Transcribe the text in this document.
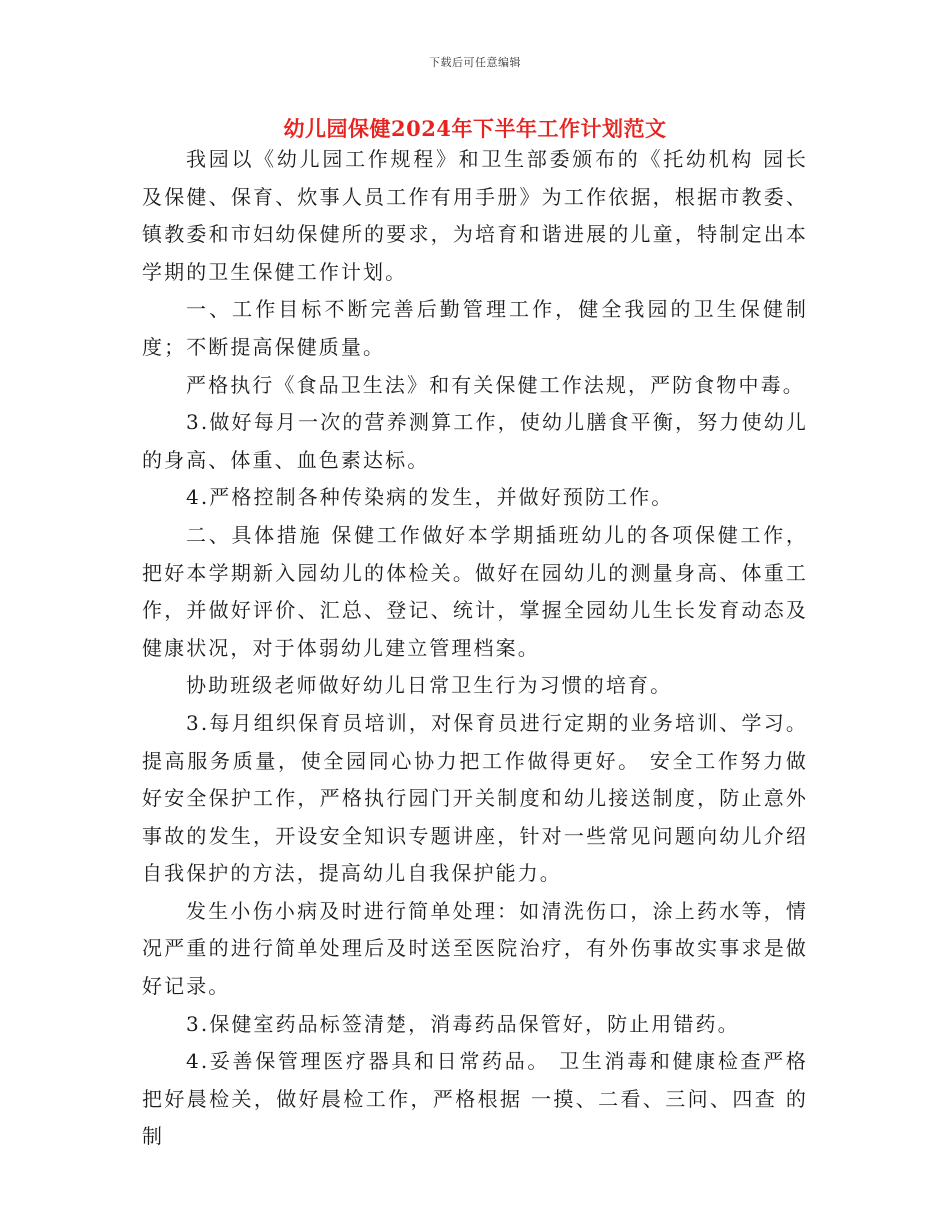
下载后可任意编辑
幼儿园保健2024年下半年工作计划范文

我园以《幼儿园工作规程》和卫生部委颁布的《托幼机构 园长及保健、保育、炊事人员工作有用手册》为工作依据，根据市教委、镇教委和市妇幼保健所的要求，为培育和谐进展的儿童，特制定出本学期的卫生保健工作计划。

一、工作目标不断完善后勤管理工作，健全我园的卫生保健制度；不断提高保健质量。

严格执行《食品卫生法》和有关保健工作法规，严防食物中毒。

3.做好每月一次的营养测算工作，使幼儿膳食平衡，努力使幼儿的身高、体重、血色素达标。

4.严格控制各种传染病的发生，并做好预防工作。

二、具体措施 保健工作做好本学期插班幼儿的各项保健工作，把好本学期新入园幼儿的体检关。做好在园幼儿的测量身高、体重工作，并做好评价、汇总、登记、统计，掌握全园幼儿生长发育动态及健康状况，对于体弱幼儿建立管理档案。

协助班级老师做好幼儿日常卫生行为习惯的培育。

3.每月组织保育员培训，对保育员进行定期的业务培训、学习。提高服务质量，使全园同心协力把工作做得更好。 安全工作努力做好安全保护工作，严格执行园门开关制度和幼儿接送制度，防止意外事故的发生，开设安全知识专题讲座，针对一些常见问题向幼儿介绍自我保护的方法，提高幼儿自我保护能力。

发生小伤小病及时进行简单处理：如清洗伤口，涂上药水等，情况严重的进行简单处理后及时送至医院治疗，有外伤事故实事求是做好记录。

3.保健室药品标签清楚，消毒药品保管好，防止用错药。

4.妥善保管理医疗器具和日常药品。 卫生消毒和健康检查严格把好晨检关，做好晨检工作，严格根据 一摸、二看、三问、四查 的制
